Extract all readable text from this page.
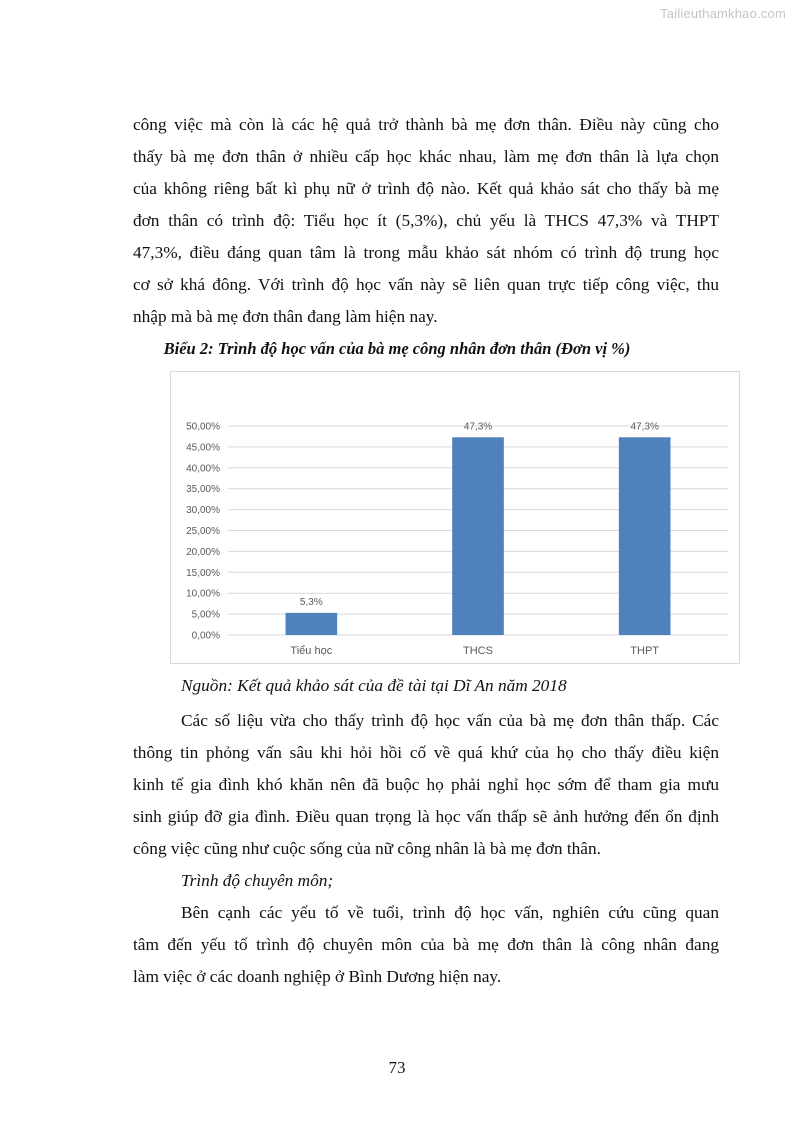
Tailieuthamkhao.com
công việc mà còn là các hệ quả trở thành bà mẹ đơn thân. Điều này cũng cho
thấy bà mẹ đơn thân ở nhiều cấp học khác nhau, làm mẹ đơn thân là lựa chọn
của không riêng bất kì phụ nữ ở trình độ nào. Kết quả khảo sát cho thấy bà mẹ
đơn thân có trình độ: Tiểu học ít (5,3%), chủ yếu là THCS 47,3% và THPT
47,3%, điều đáng quan tâm là trong mẫu khảo sát nhóm có trình độ trung học
cơ sở khá đông. Với trình độ học vấn này sẽ liên quan trực tiếp công việc, thu
nhập mà bà mẹ đơn thân đang làm hiện nay.
Biểu 2: Trình độ học vấn của bà mẹ công nhân đơn thân (Đơn vị %)
0,00%
5,00%
10,00%
15,00%
20,00%
25,00%
30,00%
35,00%
40,00%
45,00%
50,00%
5,3%
Tiểu học
47,3%
THCS
47,3%
THPT
Nguồn: Kết quả khảo sát của đề tài tại Dĩ An năm 2018
Các số liệu vừa cho thấy trình độ học vấn của bà mẹ đơn thân thấp. Các
thông tin phỏng vấn sâu khi hỏi hồi cố về quá khứ của họ cho thấy điều kiện
kinh tế gia đình khó khăn nên đã buộc họ phải nghỉ học sớm để tham gia mưu
sinh giúp đỡ gia đình. Điều quan trọng là học vấn thấp sẽ ảnh hưởng đến ổn định
công việc cũng như cuộc sống của nữ công nhân là bà mẹ đơn thân.
Trình độ chuyên môn;
Bên cạnh các yếu tố về tuổi, trình độ học vấn, nghiên cứu cũng quan
tâm đến yếu tố trình độ chuyên môn của bà mẹ đơn thân là công nhân đang
làm việc ở các doanh nghiệp ở Bình Dương hiện nay.
73
